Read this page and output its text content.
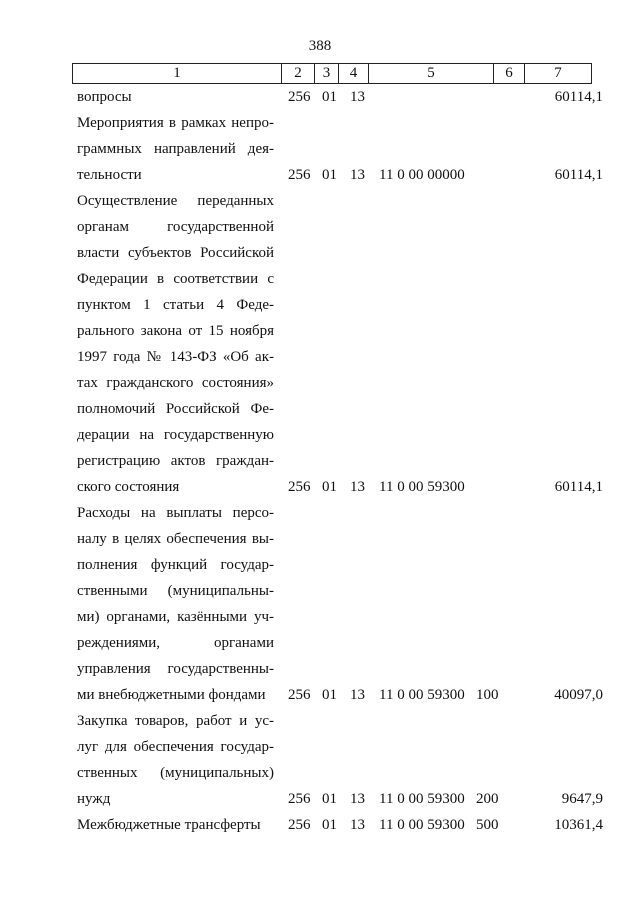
388
1	2	3	4	5	6	7
вопросы	256 01 13	60114,1
Мероприятия в рамках непро-
граммных направлений дея-
тельности	256 01 13 11 0 00 00000	60114,1
Осуществление переданных
органам государственной
власти субъектов Российской
Федерации в соответствии с
пунктом 1 статьи 4 Феде-
рального закона от 15 ноября
1997 года № 143-ФЗ «Об ак-
тах гражданского состояния»
полномочий Российской Фе-
дерации на государственную
регистрацию актов граждан-
ского состояния	256 01 13 11 0 00 59300	60114,1
Расходы на выплаты персо-
налу в целях обеспечения вы-
полнения функций государ-
ственными (муниципальны-
ми) органами, казёнными уч-
реждениями, органами
управления государственны-
ми внебюджетными фондами	256 01 13 11 0 00 59300 100	40097,0
Закупка товаров, работ и ус-
луг для обеспечения государ-
ственных (муниципальных)
нужд	256 01 13 11 0 00 59300 200	9647,9
Межбюджетные трансферты	256 01 13 11 0 00 59300 500	10361,4
